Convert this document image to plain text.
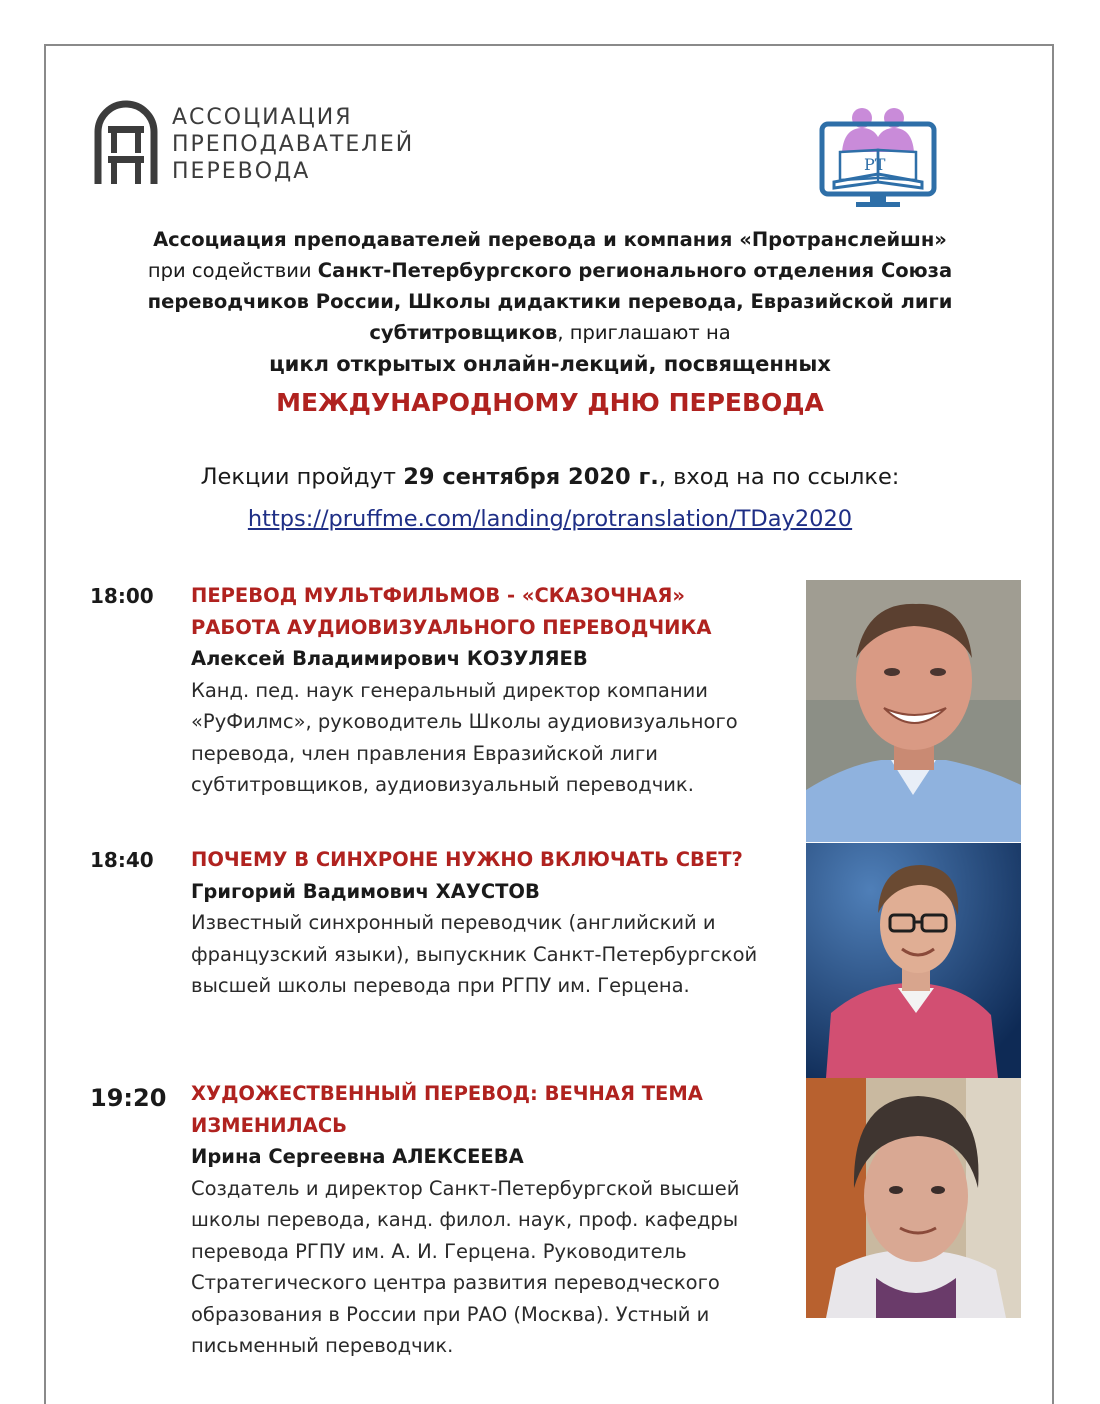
АССОЦИАЦИЯ
ПРЕПОДАВАТЕЛЕЙ
ПЕРЕВОДА	PT
Ассоциация преподавателей перевода и компания «Протранслейшн»
при содействии Санкт-Петербургского регионального отделения Союза
переводчиков России, Школы дидактики перевода, Евразийской лиги
субтитровщиков, приглашают на
цикл открытых онлайн-лекций, посвященных
МЕЖДУНАРОДНОМУ ДНЮ ПЕРЕВОДА
Лекции пройдут 29 сентября 2020 г., вход на по ссылке:
https://pruffme.com/landing/protranslation/TDay2020
18:00 ПЕРЕВОД МУЛЬТФИЛЬМОВ - «СКАЗОЧНАЯ»
РАБОТА АУДИОВИЗУАЛЬНОГО ПЕРЕВОДЧИКА
Алексей Владимирович КОЗУЛЯЕВ
Канд. пед. наук генеральный директор компании
«РуФилмс», руководитель Школы аудиовизуального
перевода, член правления Евразийской лиги
субтитровщиков, аудиовизуальный переводчик.
18:40 ПОЧЕМУ В СИНХРОНЕ НУЖНО ВКЛЮЧАТЬ СВЕТ?
Григорий Вадимович ХАУСТОВ
Известный синхронный переводчик (английский и
французский языки), выпускник Санкт-Петербургской
высшей школы перевода при РГПУ им. Герцена.
19:20 ХУДОЖЕСТВЕННЫЙ ПЕРЕВОД: ВЕЧНАЯ ТЕМА
ИЗМЕНИЛАСЬ
Ирина Сергеевна АЛЕКСЕЕВА
Создатель и директор Санкт-Петербургской высшей
школы перевода, канд. филол. наук, проф. кафедры
перевода РГПУ им. А. И. Герцена. Руководитель
Стратегического центра развития переводческого
образования в России при РАО (Москва). Устный и
письменный переводчик.
